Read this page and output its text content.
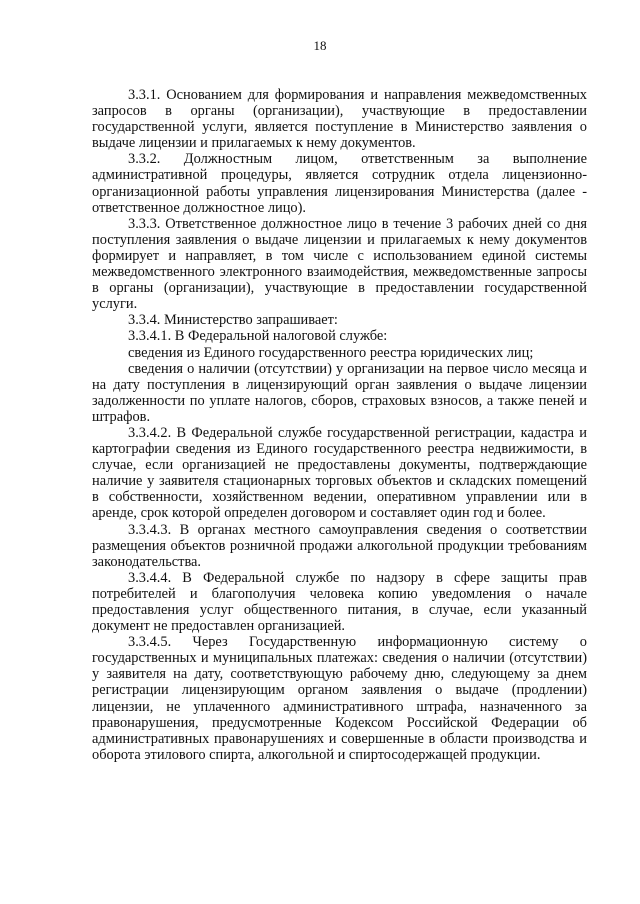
18

3.3.1. Основанием для формирования и направления межведомственных запросов в органы (организации), участвующие в предоставлении государственной услуги, является поступление в Министерство заявления о выдаче лицензии и прилагаемых к нему документов.

3.3.2. Должностным лицом, ответственным за выполнение административной процедуры, является сотрудник отдела лицензионно-организационной работы управления лицензирования Министерства (далее - ответственное должностное лицо).

3.3.3. Ответственное должностное лицо в течение 3 рабочих дней со дня поступления заявления о выдаче лицензии и прилагаемых к нему документов формирует и направляет, в том числе с использованием единой системы межведомственного электронного взаимодействия, межведомственные запросы в органы (организации), участвующие в предоставлении государственной услуги.

3.3.4. Министерство запрашивает:

3.3.4.1. В Федеральной налоговой службе:

сведения из Единого государственного реестра юридических лиц;

сведения о наличии (отсутствии) у организации на первое число месяца и на дату поступления в лицензирующий орган заявления о выдаче лицензии задолженности по уплате налогов, сборов, страховых взносов, а также пеней и штрафов.

3.3.4.2. В Федеральной службе государственной регистрации, кадастра и картографии сведения из Единого государственного реестра недвижимости, в случае, если организацией не предоставлены документы, подтверждающие наличие у заявителя стационарных торговых объектов и складских помещений в собственности, хозяйственном ведении, оперативном управлении или в аренде, срок которой определен договором и составляет один год и более.

3.3.4.3. В органах местного самоуправления сведения о соответствии размещения объектов розничной продажи алкогольной продукции требованиям законодательства.

3.3.4.4. В Федеральной службе по надзору в сфере защиты прав потребителей и благополучия человека копию уведомления о начале предоставления услуг общественного питания, в случае, если указанный документ не предоставлен организацией.

3.3.4.5. Через Государственную информационную систему о государственных и муниципальных платежах: сведения о наличии (отсутствии) у заявителя на дату, соответствующую рабочему дню, следующему за днем регистрации лицензирующим органом заявления о выдаче (продлении) лицензии, не уплаченного административного штрафа, назначенного за правонарушения, предусмотренные Кодексом Российской Федерации об административных правонарушениях и совершенные в области производства и оборота этилового спирта, алкогольной и спиртосодержащей продукции.
